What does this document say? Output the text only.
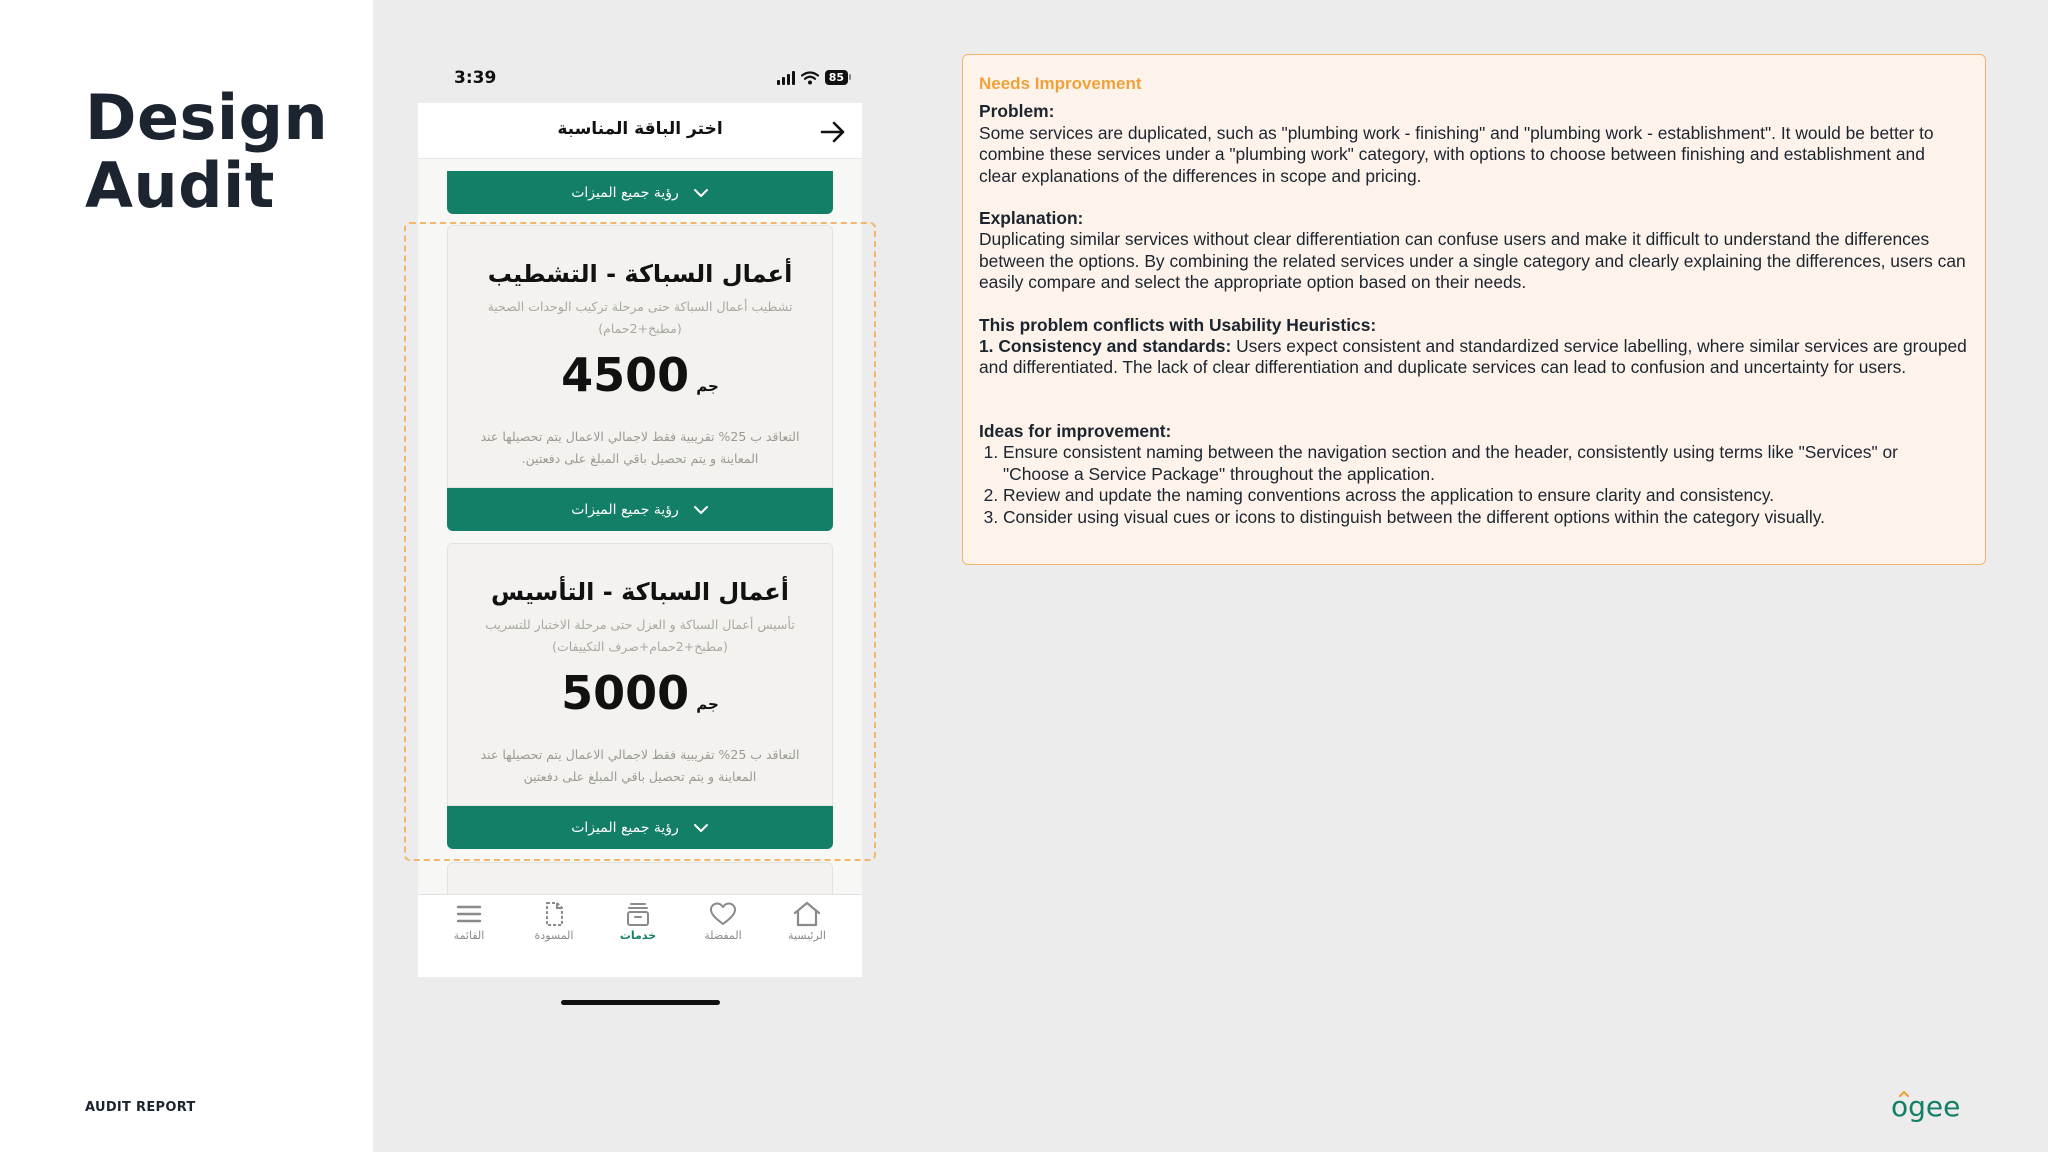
Design
Audit
AUDIT REPORT
3:39	85
اختر الباقة المناسبة
رؤية جميع الميزات
أعمال السباكة - التشطيب
تشطيب أعمال السباكة حتى مرحلة تركيب الوحدات الصحية (مطبخ+2حمام)
جم 4500
التعاقد ب 25% تقريبية فقط لاجمالي الاعمال يتم تحصيلها عند المعاينة و يتم تحصيل باقي المبلغ على دفعتين.
رؤية جميع الميزات
أعمال السباكة - التأسيس
تأسيس أعمال السباكة و العزل حتى مرحلة الاختبار للتسريب (مطبخ+2حمام+صرف التكييفات)
جم 5000
التعاقد ب 25% تقريبية فقط لاجمالي الاعمال يتم تحصيلها عند المعاينة و يتم تحصيل باقي المبلغ على دفعتين
رؤية جميع الميزات
القائمة	المسودة	خدمات	المفضلة	الرئيسية
Needs Improvement
Problem:
Some services are duplicated, such as "plumbing work - finishing" and "plumbing work - establishment". It would be better to combine these services under a "plumbing work" category, with options to choose between finishing and establishment and clear explanations of the differences in scope and pricing.
Explanation:
Duplicating similar services without clear differentiation can confuse users and make it difficult to understand the differences between the options. By combining the related services under a single category and clearly explaining the differences, users can easily compare and select the appropriate option based on their needs.
This problem conflicts with Usability Heuristics:
1. Consistency and standards: Users expect consistent and standardized service labelling, where similar services are grouped and differentiated. The lack of clear differentiation and duplicate services can lead to confusion and uncertainty for users.
Ideas for improvement:
1. Ensure consistent naming between the navigation section and the header, consistently using terms like "Services" or "Choose a Service Package" throughout the application.
2. Review and update the naming conventions across the application to ensure clarity and consistency.
3. Consider using visual cues or icons to distinguish between the different options within the category visually.
ogee
